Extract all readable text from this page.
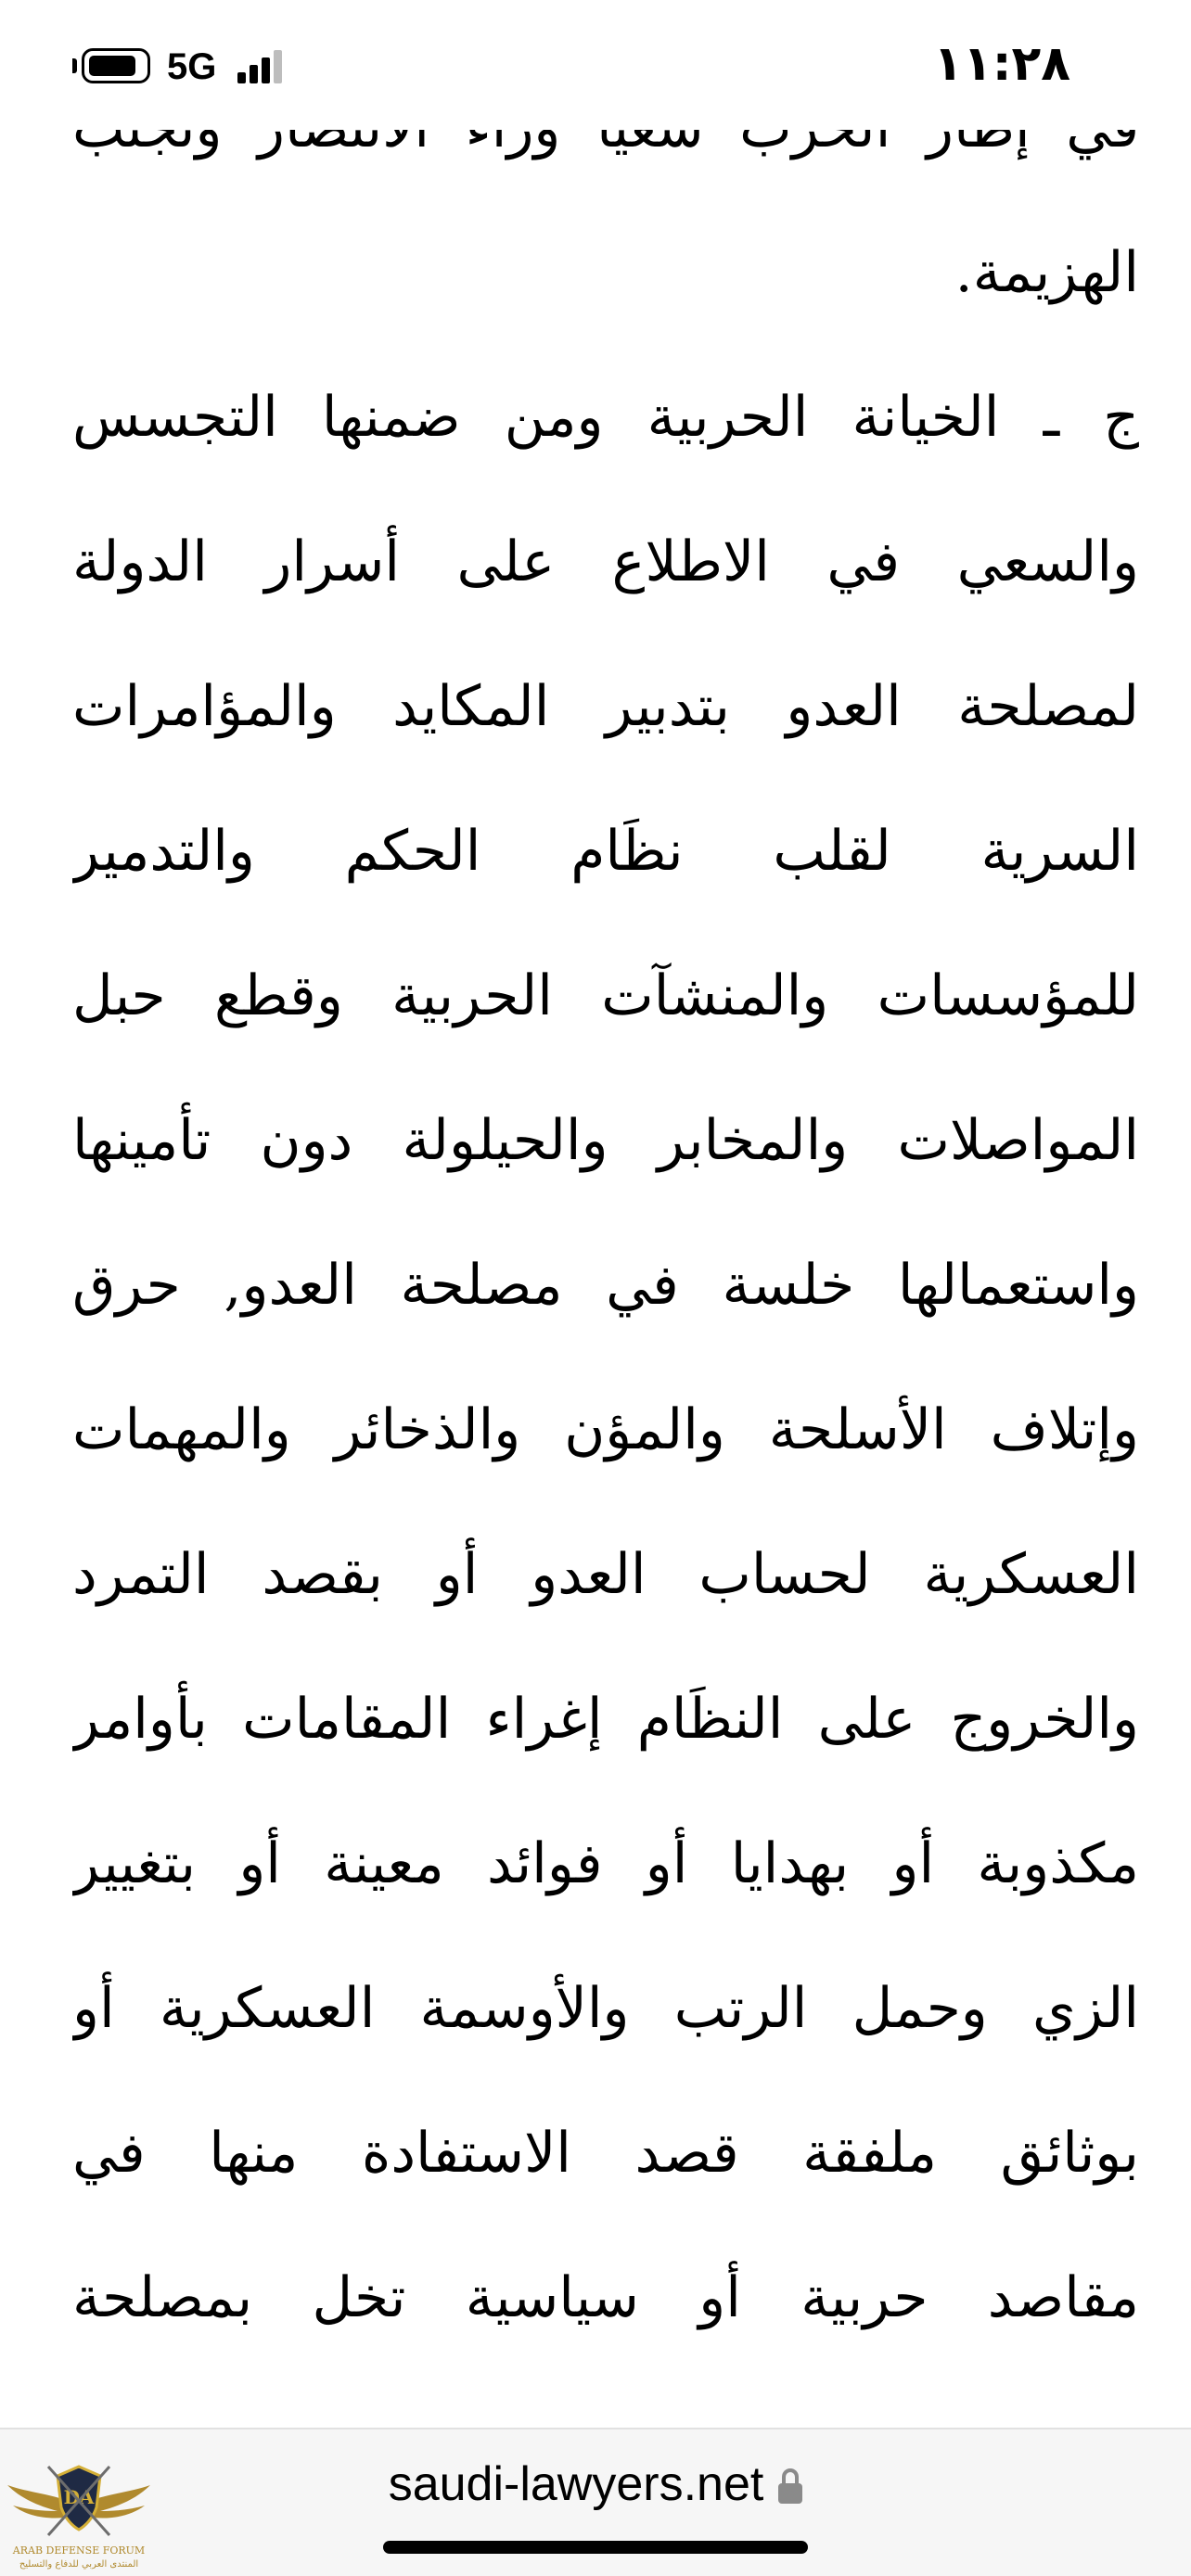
5G	١١:٢٨
الهزيمة.
ج ـ الخيانة الحربية ومن ضمنها التجسس
والسعي في الاطلاع على أسرار الدولة
لمصلحة العدو بتدبير المكايد والمؤامرات
السرية لقلب نظَام الحكم والتدمير
للمؤسسات والمنشآت الحربية وقطع حبل
المواصلات والمخابر والحيلولة دون تأمينها
واستعمالها خلسة في مصلحة العدو, حرق
وإتلاف الأسلحة والمؤن والذخائر والمهمات
العسكرية لحساب العدو أو بقصد التمرد
والخروج على النظَام إغراء المقامات بأوامر
مكذوبة أو بهدايا أو فوائد معينة أو بتغيير
الزي وحمل الرتب والأوسمة العسكرية أو
بوثائق ملفقة قصد الاستفادة منها في
مقاصد حربية أو سياسية تخل بمصلحة
saudi-lawyers.net
DA
ARAB DEFENSE FORUM
المنتدى العربي للدفاع والتسليح
